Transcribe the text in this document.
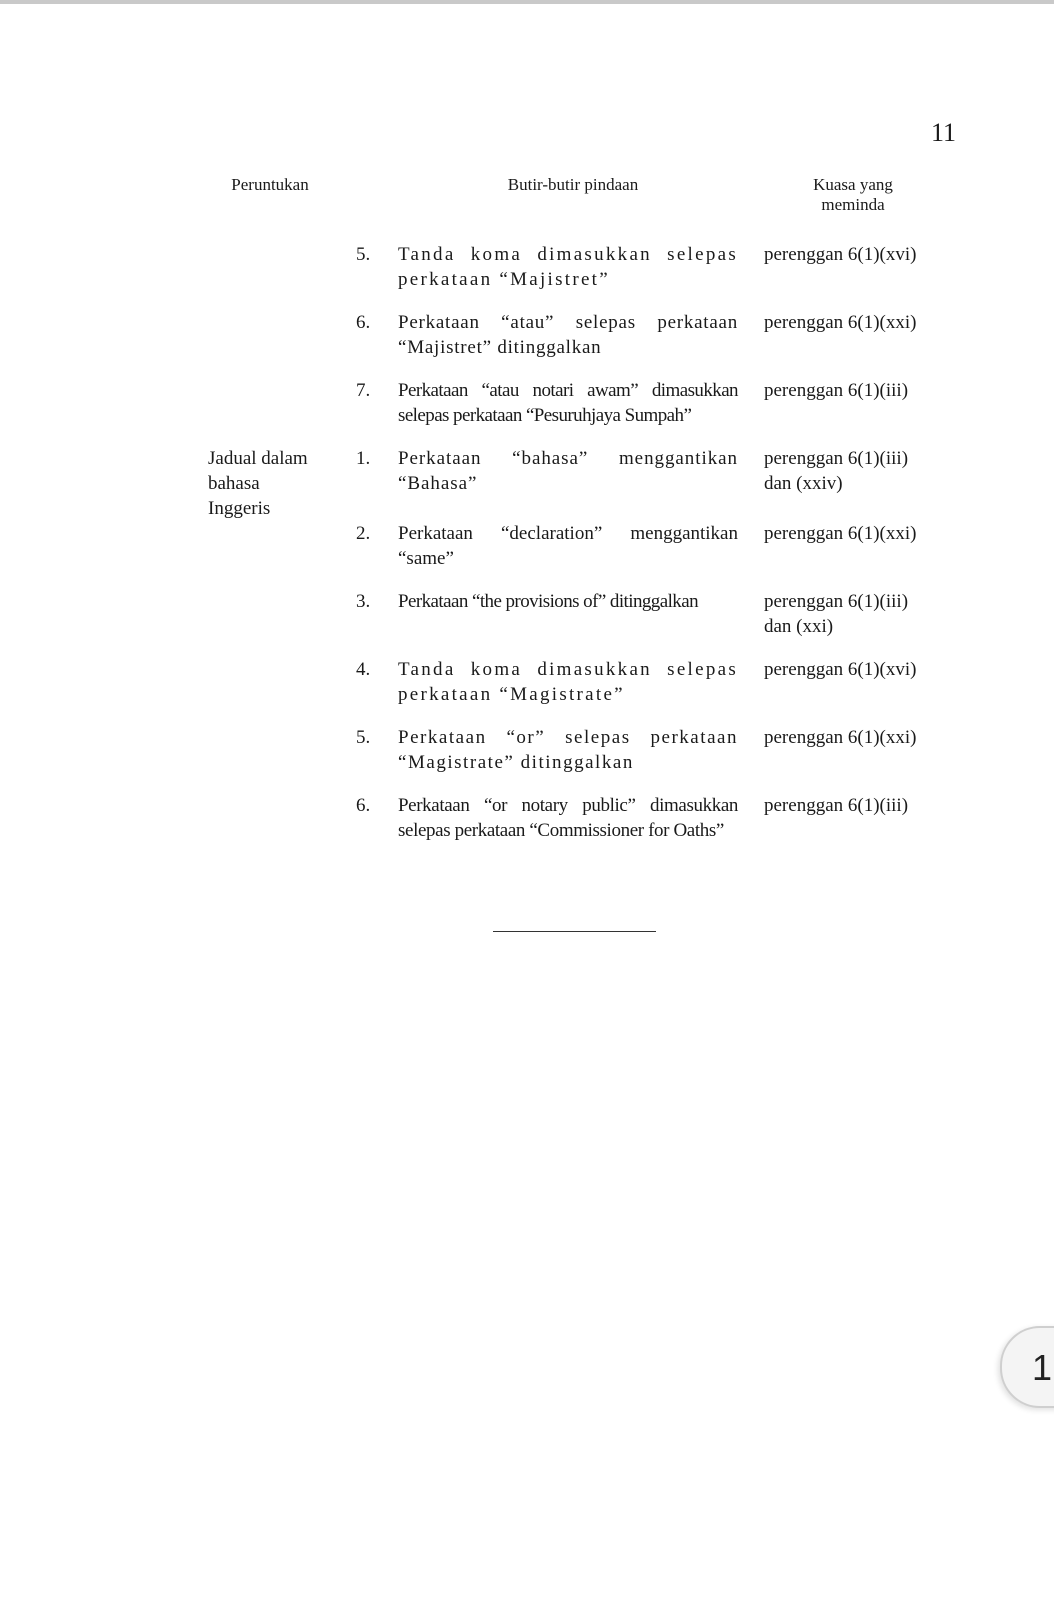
11
Peruntukan	Butir-butir pindaan	Kuasa yang
meminda
5.	Tanda koma dimasukkan selepas perkataan “Majistret”
perenggan 6(1)(xvi)
6.	Perkataan “atau” selepas perkataan “Majistret” ditinggalkan
perenggan 6(1)(xxi)
7.	Perkataan “atau notari awam” dimasukkan selepas perkataan “Pesuruhjaya Sumpah”
perenggan 6(1)(iii)
Jadual dalam
bahasa
Inggeris
1.	Perkataan “bahasa” menggantikan “Bahasa”
perenggan 6(1)(iii)
dan (xxiv)
2.	Perkataan “declaration” menggantikan “same”
perenggan 6(1)(xxi)
3.	Perkataan “the provisions of” ditinggalkan	perenggan 6(1)(iii)
dan (xxi)
4.	Tanda koma dimasukkan selepas perkataan “Magistrate”
perenggan 6(1)(xvi)
5.	Perkataan “or” selepas perkataan “Magistrate” ditinggalkan
perenggan 6(1)(xxi)
6.	Perkataan “or notary public” dimasukkan selepas perkataan “Commissioner for Oaths”
perenggan 6(1)(iii)
1
